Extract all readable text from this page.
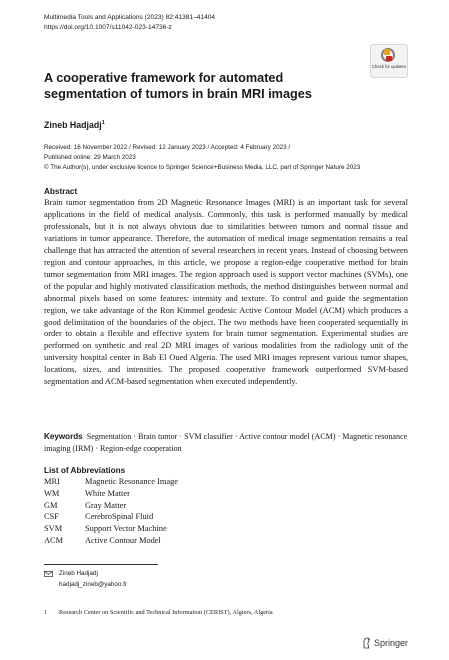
Multimedia Tools and Applications (2023) 82:41381–41404
https://doi.org/10.1007/s11042-023-14736-z
Check for updates
A cooperative framework for automated segmentation of tumors in brain MRI images
Zineb Hadjadj$^1$
Received: 16 November 2022 / Revised: 12 January 2023 / Accepted: 4 February 2023 /
Published online: 29 March 2023
© The Author(s), under exclusive licence to Springer Science+Business Media, LLC, part of Springer Nature 2023
Abstract

Brain tumor segmentation from 2D Magnetic Resonance Images (MRI) is an important task for several applications in the field of medical analysis. Commonly, this task is performed manually by medical professionals, but it is not always obvious due to similarities between tumors and normal tissue and variations in tumor appearance. Therefore, the automation of medical image segmentation remains a real challenge that has attracted the attention of several researchers in recent years. Instead of choosing between region and contour approaches, in this article, we propose a region-edge cooperative method for brain tumor segmentation from MRI images. The region approach used is support vector machines (SVMs), one of the popular and highly motivated classification methods, the method distinguishes between normal and abnormal pixels based on some features: intensity and texture. To control and guide the segmentation region, we take advantage of the Ron Kimmel geodesic Active Contour Model (ACM) which produces a good delimitation of the boundaries of the object. The two methods have been cooperated sequentially in order to obtain a flexible and effective system for brain tumor segmentation. Experimental studies are performed on synthetic and real 2D MRI images of various modalities from the radiology unit of the university hospital center in Bab El Oued Algeria. The used MRI images represent various tumor shapes, locations, sizes, and intensities. The proposed cooperative framework outperformed SVM-based segmentation and ACM-based segmentation when executed independently.

Keywords Segmentation · Brain tumor · SVM classifier · Active contour model (ACM) · Magnetic resonance imaging (IRM) · Region-edge cooperation

List of Abbreviations
MRI	Magnetic Resonance Image
WM	White Matter
GM	Gray Matter
CSF	CerebroSpinal Fluid
SVM	Support Vector Machine
ACM	Active Contour Model
Zineb Hadjadj
hadjadj_zineb@yahoo.fr
1 Research Center on Scientific and Technical Information (CERIST), Algiers, Algeria
Springer
